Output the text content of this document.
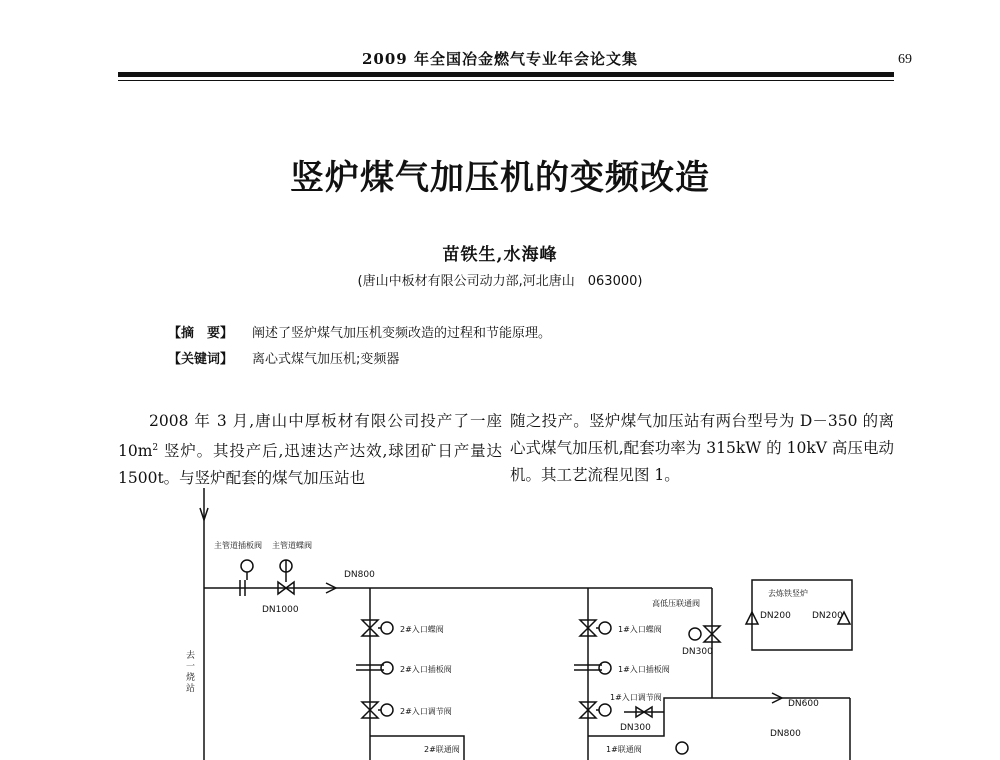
2009 年全国冶金燃气专业年会论文集	69
竖炉煤气加压机的变频改造
苗铁生,水海峰
(唐山中板材有限公司动力部,河北唐山　063000)
【摘　要】 阐述了竖炉煤气加压机变频改造的过程和节能原理。
【关键词】 离心式煤气加压机;变频器

2008 年 3 月,唐山中厚板材有限公司投产了一座 $10m^2$ 竖炉。其投产后,迅速达产达效,球团矿日产量达 1500t。与竖炉配套的煤气加压站也

随之投产。竖炉煤气加压站有两台型号为 D－350 的离心式煤气加压机,配套功率为 315kW 的 10kV 高压电动机。其工艺流程见图 1。

主管道插板阀 主管道蝶阀
DN800
DN1000
2#入口蝶阀
2#入口插板阀
2#入口调节阀
2#联通阀
高低压联通阀
1#入口蝶阀
1#入口插板阀
1#入口调节阀
DN300
DN300
1#联通阀
去炼铁竖炉
DN200 DN200
DN600
DN800
去一烧站
